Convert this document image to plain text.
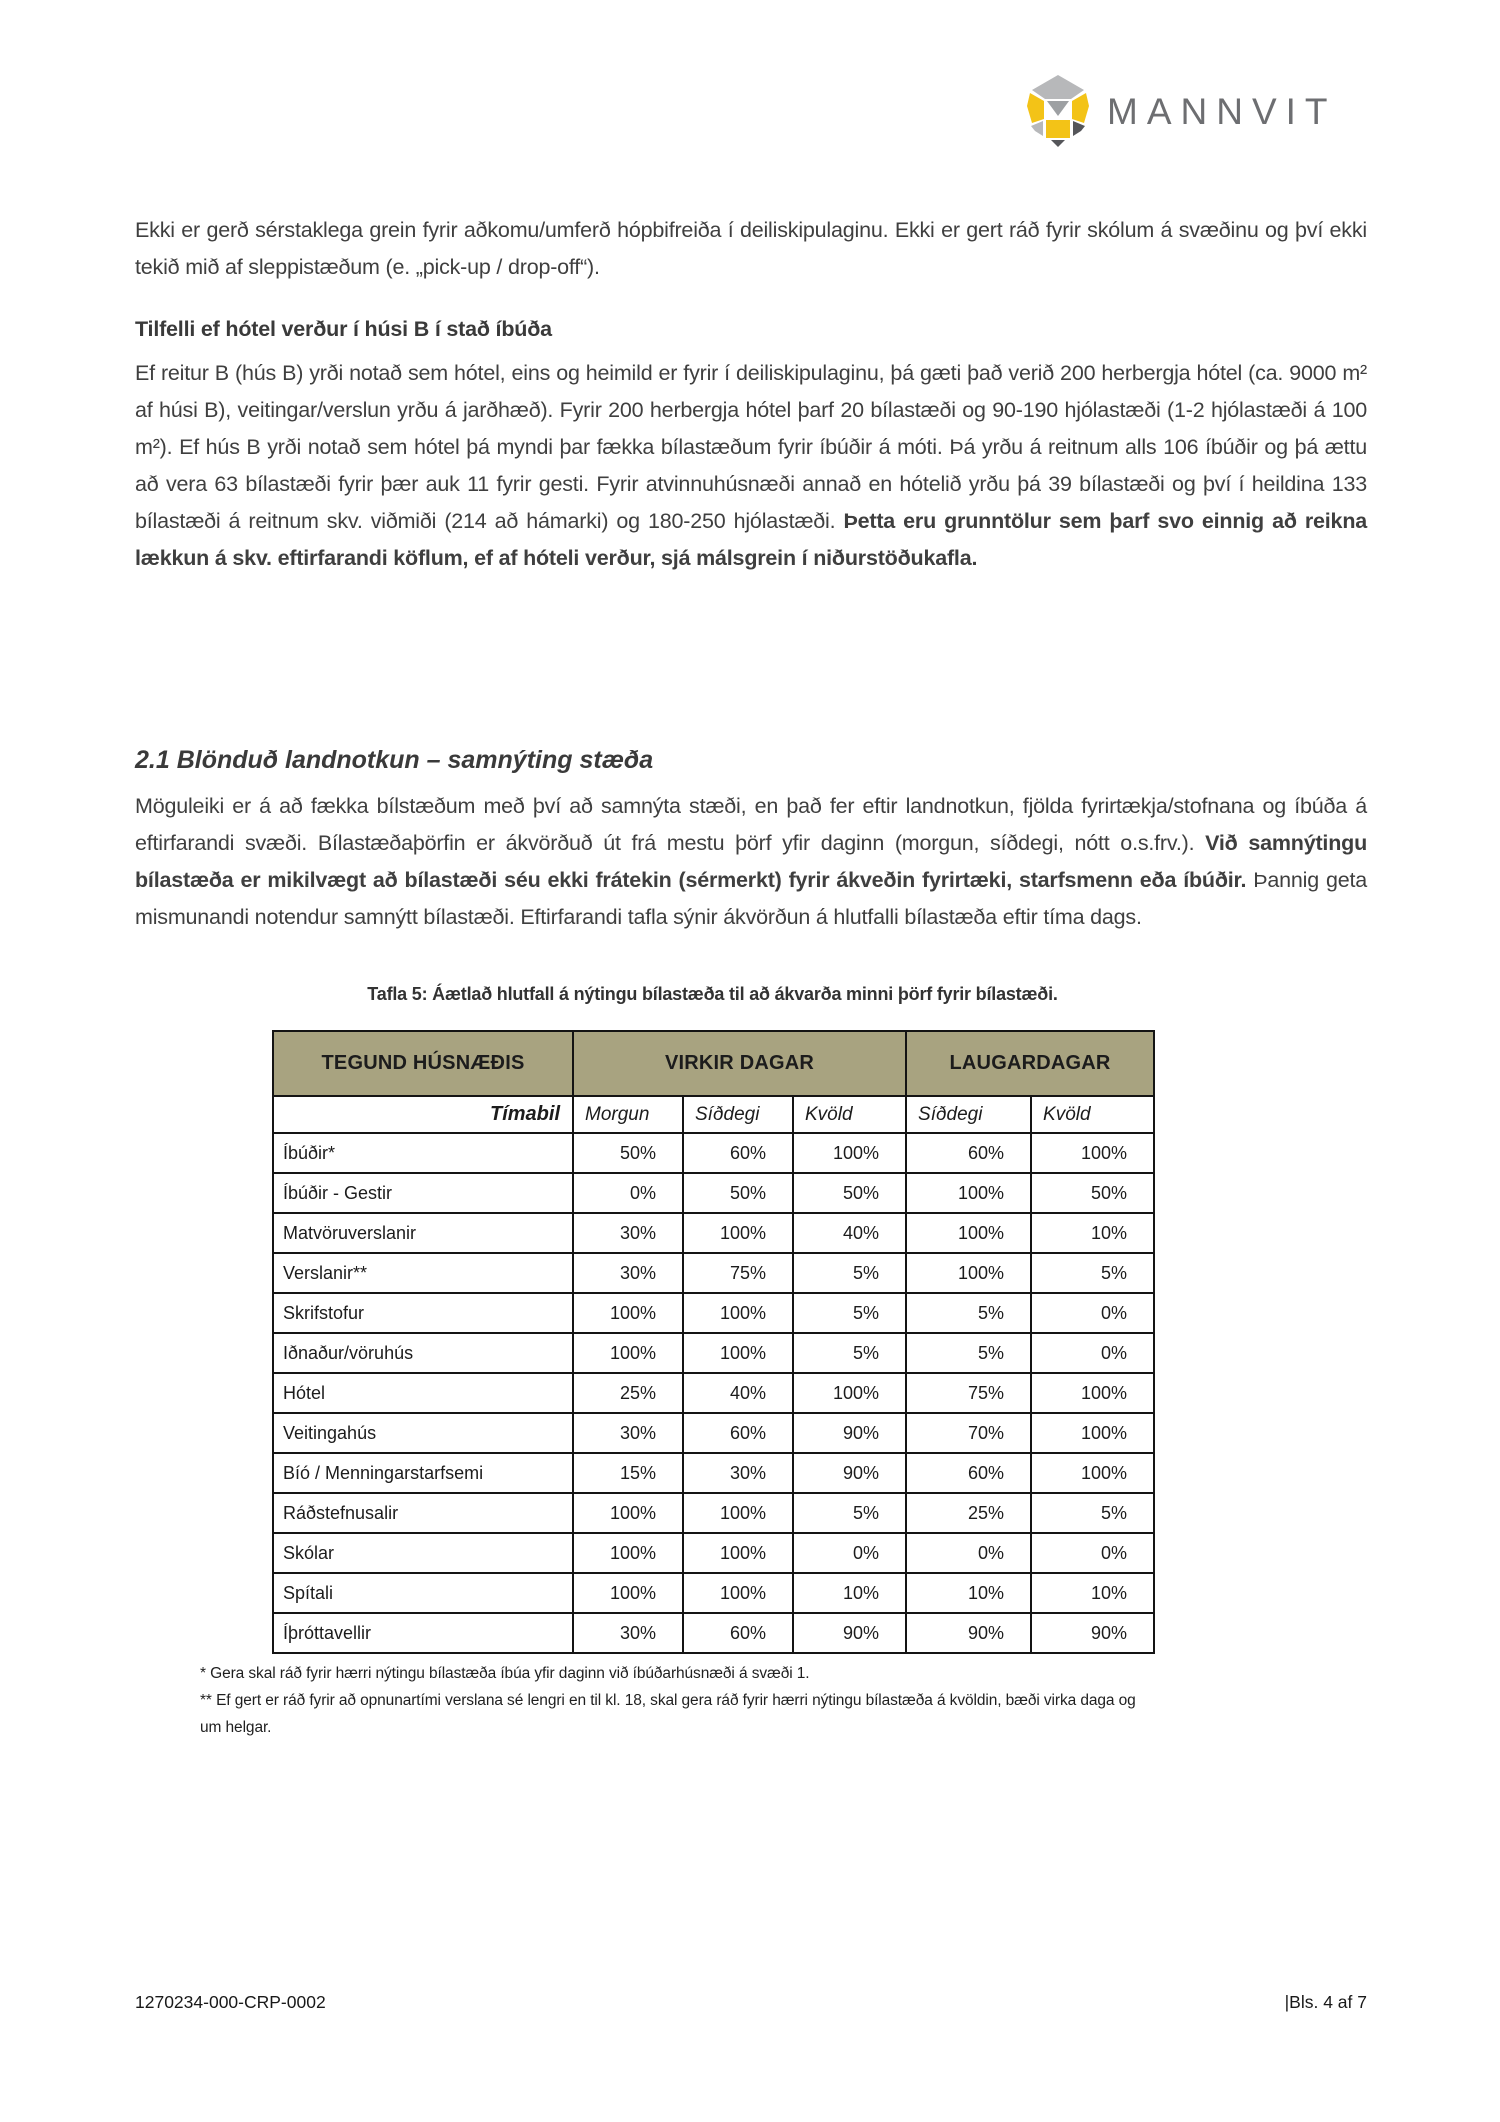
MANNVIT

Ekki er gerð sérstaklega grein fyrir aðkomu/umferð hópbifreiða í deiliskipulaginu. Ekki er gert ráð fyrir skólum á svæðinu og því ekki tekið mið af sleppistæðum (e. „pick-up / drop-off“).

Tilfelli ef hótel verður í húsi B í stað íbúða

Ef reitur B (hús B) yrði notað sem hótel, eins og heimild er fyrir í deiliskipulaginu, þá gæti það verið 200 herbergja hótel (ca. 9000 m² af húsi B), veitingar/verslun yrðu á jarðhæð). Fyrir 200 herbergja hótel þarf 20 bílastæði og 90-190 hjólastæði (1-2 hjólastæði á 100 m²). Ef hús B yrði notað sem hótel þá myndi þar fækka bílastæðum fyrir íbúðir á móti. Þá yrðu á reitnum alls 106 íbúðir og þá ættu að vera 63 bílastæði fyrir þær auk 11 fyrir gesti. Fyrir atvinnuhúsnæði annað en hótelið yrðu þá 39 bílastæði og því í heildina 133 bílastæði á reitnum skv. viðmiði (214 að hámarki) og 180-250 hjólastæði. Þetta eru grunntölur sem þarf svo einnig að reikna lækkun á skv. eftirfarandi köflum, ef af hóteli verður, sjá málsgrein í niðurstöðukafla.

2.1 Blönduð landnotkun – samnýting stæða

Möguleiki er á að fækka bílstæðum með því að samnýta stæði, en það fer eftir landnotkun, fjölda fyrirtækja/stofnana og íbúða á eftirfarandi svæði. Bílastæðaþörfin er ákvörðuð út frá mestu þörf yfir daginn (morgun, síðdegi, nótt o.s.frv.). Við samnýtingu bílastæða er mikilvægt að bílastæði séu ekki frátekin (sérmerkt) fyrir ákveðin fyrirtæki, starfsmenn eða íbúðir. Þannig geta mismunandi notendur samnýtt bílastæði. Eftirfarandi tafla sýnir ákvörðun á hlutfalli bílastæða eftir tíma dags.

Tafla 5: Áætlað hlutfall á nýtingu bílastæða til að ákvarða minni þörf fyrir bílastæði.
TEGUND HÚSNÆÐIS	VIRKIR DAGAR			LAUGARDAGAR	
Tímabil	Morgun	Síðdegi	Kvöld	Síðdegi	Kvöld
Íbúðir*	50%	60%	100%	60%	100%
Íbúðir - Gestir	0%	50%	50%	100%	50%
Matvöruverslanir	30%	100%	40%	100%	10%
Verslanir**	30%	75%	5%	100%	5%
Skrifstofur	100%	100%	5%	5%	0%
Iðnaður/vöruhús	100%	100%	5%	5%	0%
Hótel	25%	40%	100%	75%	100%
Veitingahús	30%	60%	90%	70%	100%
Bíó / Menningarstarfsemi	15%	30%	90%	60%	100%
Ráðstefnusalir	100%	100%	5%	25%	5%
Skólar	100%	100%	0%	0%	0%
Spítali	100%	100%	10%	10%	10%
Íþróttavellir	30%	60%	90%	90%	90%
* Gera skal ráð fyrir hærri nýtingu bílastæða íbúa yfir daginn við íbúðarhúsnæði á svæði 1.
** Ef gert er ráð fyrir að opnunartími verslana sé lengri en til kl. 18, skal gera ráð fyrir hærri nýtingu bílastæða á kvöldin, bæði virka daga og um helgar.
1270234-000-CRP-0002	|Bls. 4 af 7
